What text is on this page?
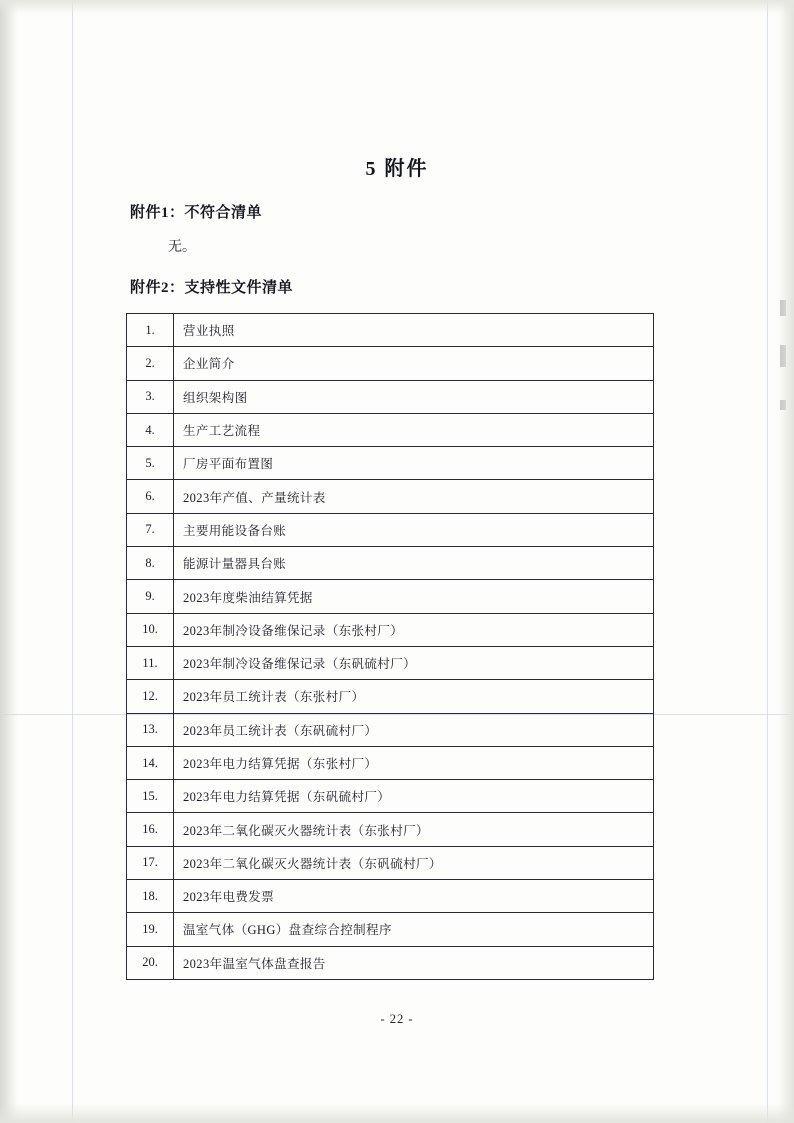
5 附件
附件1：不符合清单
无。
附件2：支持性文件清单
1.	营业执照
2.	企业简介
3.	组织架构图
4.	生产工艺流程
5.	厂房平面布置图
6.	2023年产值、产量统计表
7.	主要用能设备台账
8.	能源计量器具台账
9.	2023年度柴油结算凭据
10.	2023年制冷设备维保记录（东张村厂）
11.	2023年制冷设备维保记录（东矾硫村厂）
12.	2023年员工统计表（东张村厂）
13.	2023年员工统计表（东矾硫村厂）
14.	2023年电力结算凭据（东张村厂）
15.	2023年电力结算凭据（东矾硫村厂）
16.	2023年二氧化碳灭火器统计表（东张村厂）
17.	2023年二氧化碳灭火器统计表（东矾硫村厂）
18.	2023年电费发票
19.	温室气体（GHG）盘查综合控制程序
20.	2023年温室气体盘查报告
- 22 -
